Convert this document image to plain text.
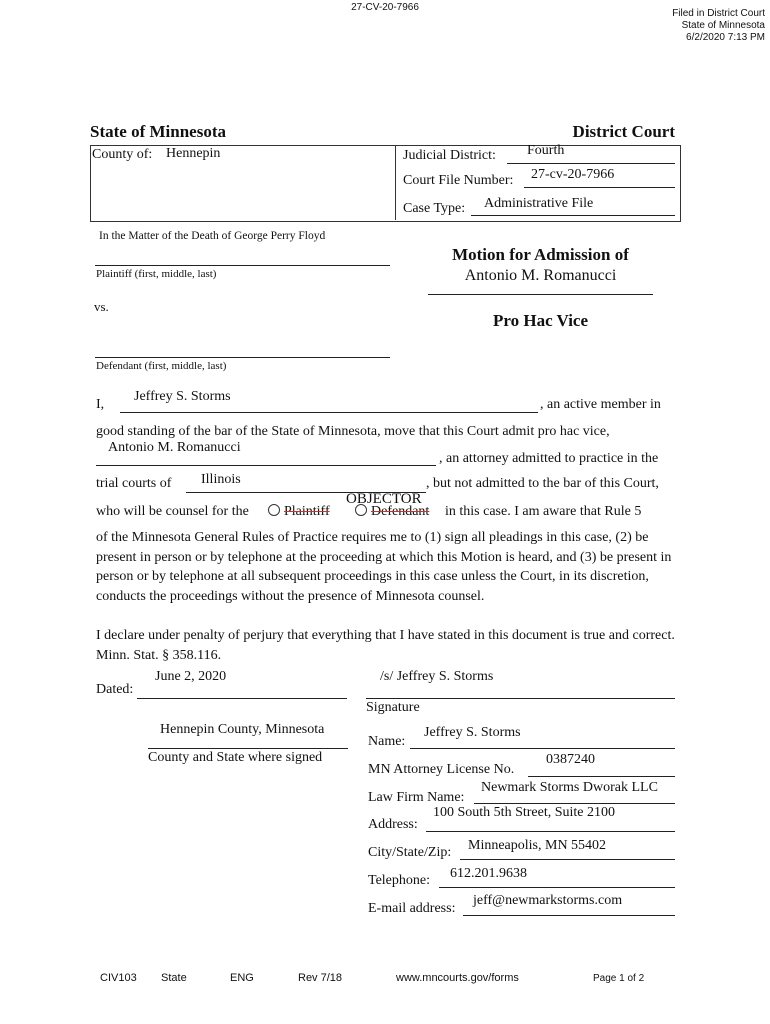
27-CV-20-7966
Filed in District Court
State of Minnesota
6/2/2020 7:13 PM
State of Minnesota	District Court
County of: Hennepin	Judicial District: Fourth
Court File Number: 27-cv-20-7966
Case Type: Administrative File
In the Matter of the Death of George Perry Floyd
Plaintiff (first, middle, last)
vs.
Defendant (first, middle, last)
Motion for Admission of
Antonio M. Romanucci
Pro Hac Vice
I,
Jeffrey S. Storms
, an active member in
good standing of the bar of the State of Minnesota, move that this Court admit pro hac vice,
Antonio M. Romanucci
, an attorney admitted to practice in the
trial courts of Illinois	, but not admitted to the bar of this Court,
who will be counsel for the	Plaintiff
OBJECTOR
Defendant in this case. I am aware that Rule 5
of the Minnesota General Rules of Practice requires me to (1) sign all pleadings in this case, (2) be present in person or by telephone at the proceeding at which this Motion is heard, and (3) be present in person or by telephone at all subsequent proceedings in this case unless the Court, in its discretion, conducts the proceedings without the presence of Minnesota counsel.
I declare under penalty of perjury that everything that I have stated in this document is true and correct. Minn. Stat. § 358.116.
Dated:
June 2, 2020
Hennepin County, Minnesota
County and State where signed
/s/ Jeffrey S. Storms
Signature
Name:
Jeffrey S. Storms
MN Attorney License No.
0387240
Law Firm Name:
Newmark Storms Dworak LLC
Address:
100 South 5th Street, Suite 2100
City/State/Zip: Minneapolis, MN 55402
Telephone: 612.201.9638
E-mail address:
jeff@newmarkstorms.com
CIV103 State	ENG	Rev 7/18	www.mncourts.gov/forms	Page 1 of 2
